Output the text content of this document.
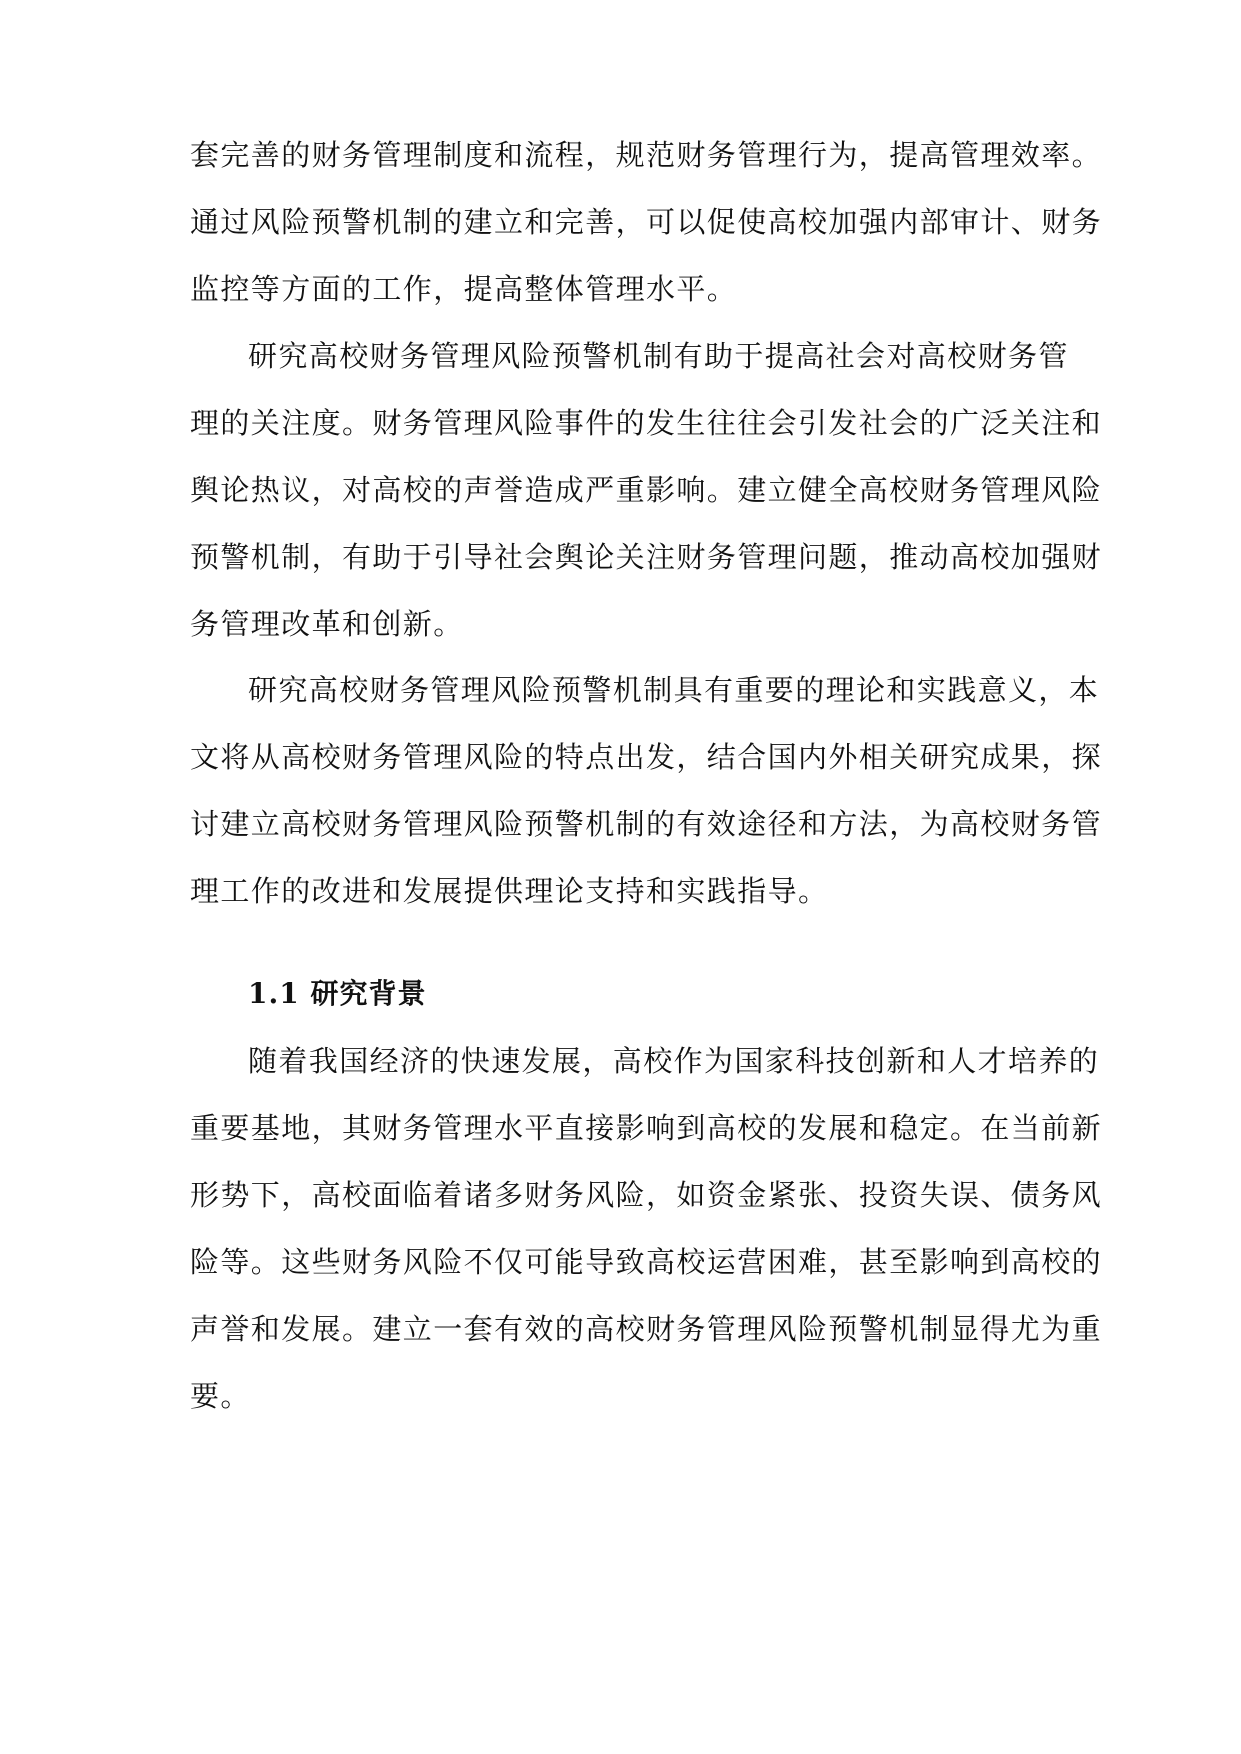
套完善的财务管理制度和流程，规范财务管理行为，提高管理效率。
通过风险预警机制的建立和完善，可以促使高校加强内部审计、财务
监控等方面的工作，提高整体管理水平。
研究高校财务管理风险预警机制有助于提高社会对高校财务管
理的关注度。财务管理风险事件的发生往往会引发社会的广泛关注和
舆论热议，对高校的声誉造成严重影响。建立健全高校财务管理风险
预警机制，有助于引导社会舆论关注财务管理问题，推动高校加强财
务管理改革和创新。
研究高校财务管理风险预警机制具有重要的理论和实践意义，本
文将从高校财务管理风险的特点出发，结合国内外相关研究成果，探
讨建立高校财务管理风险预警机制的有效途径和方法，为高校财务管
理工作的改进和发展提供理论支持和实践指导。
1.1 研究背景
随着我国经济的快速发展，高校作为国家科技创新和人才培养的
重要基地，其财务管理水平直接影响到高校的发展和稳定。在当前新
形势下，高校面临着诸多财务风险，如资金紧张、投资失误、债务风
险等。这些财务风险不仅可能导致高校运营困难，甚至影响到高校的
声誉和发展。建立一套有效的高校财务管理风险预警机制显得尤为重
要。
